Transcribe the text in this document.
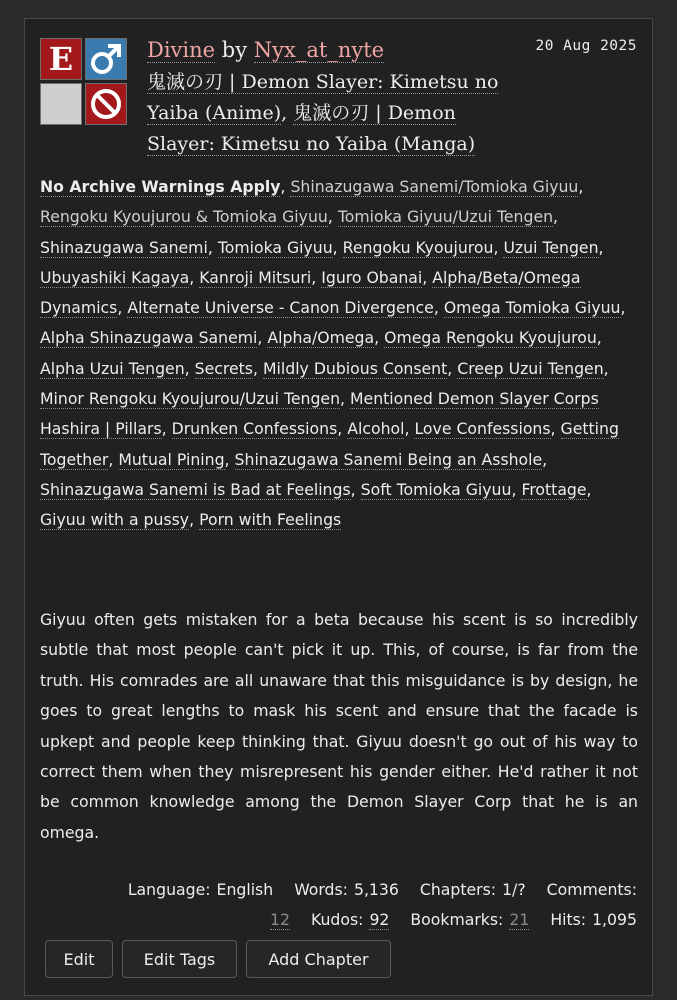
E	Divine by Nyx_at_nyte
鬼滅の刃 | Demon Slayer: Kimetsu no Yaiba (Anime), 鬼滅の刃 | Demon Slayer: Kimetsu no Yaiba (Manga)
20 Aug 2025
No Archive Warnings Apply, Shinazugawa Sanemi/Tomioka Giyuu, Rengoku Kyoujurou & Tomioka Giyuu, Tomioka Giyuu/Uzui Tengen, Shinazugawa Sanemi, Tomioka Giyuu, Rengoku Kyoujurou, Uzui Tengen, Ubuyashiki Kagaya, Kanroji Mitsuri, Iguro Obanai, Alpha/Beta/Omega Dynamics, Alternate Universe - Canon Divergence, Omega Tomioka Giyuu, Alpha Shinazugawa Sanemi, Alpha/Omega, Omega Rengoku Kyoujurou, Alpha Uzui Tengen, Secrets, Mildly Dubious Consent, Creep Uzui Tengen, Minor Rengoku Kyoujurou/Uzui Tengen, Mentioned Demon Slayer Corps Hashira | Pillars, Drunken Confessions, Alcohol, Love Confessions, Getting Together, Mutual Pining, Shinazugawa Sanemi Being an Asshole, Shinazugawa Sanemi is Bad at Feelings, Soft Tomioka Giyuu, Frottage, Giyuu with a pussy, Porn with Feelings

Giyuu often gets mistaken for a beta because his scent is so incredibly subtle that most people can't pick it up. This, of course, is far from the truth. His comrades are all unaware that this misguidance is by design, he goes to great lengths to mask his scent and ensure that the facade is upkept and people keep thinking that. Giyuu doesn't go out of his way to correct them when they misrepresent his gender either. He'd rather it not be common knowledge among the Demon Slayer Corp that he is an omega.

Language: English Words: 5,136 Chapters: 1/? Comments:
12 Kudos: 92 Bookmarks: 21 Hits: 1,095
Edit	Edit Tags	Add Chapter
